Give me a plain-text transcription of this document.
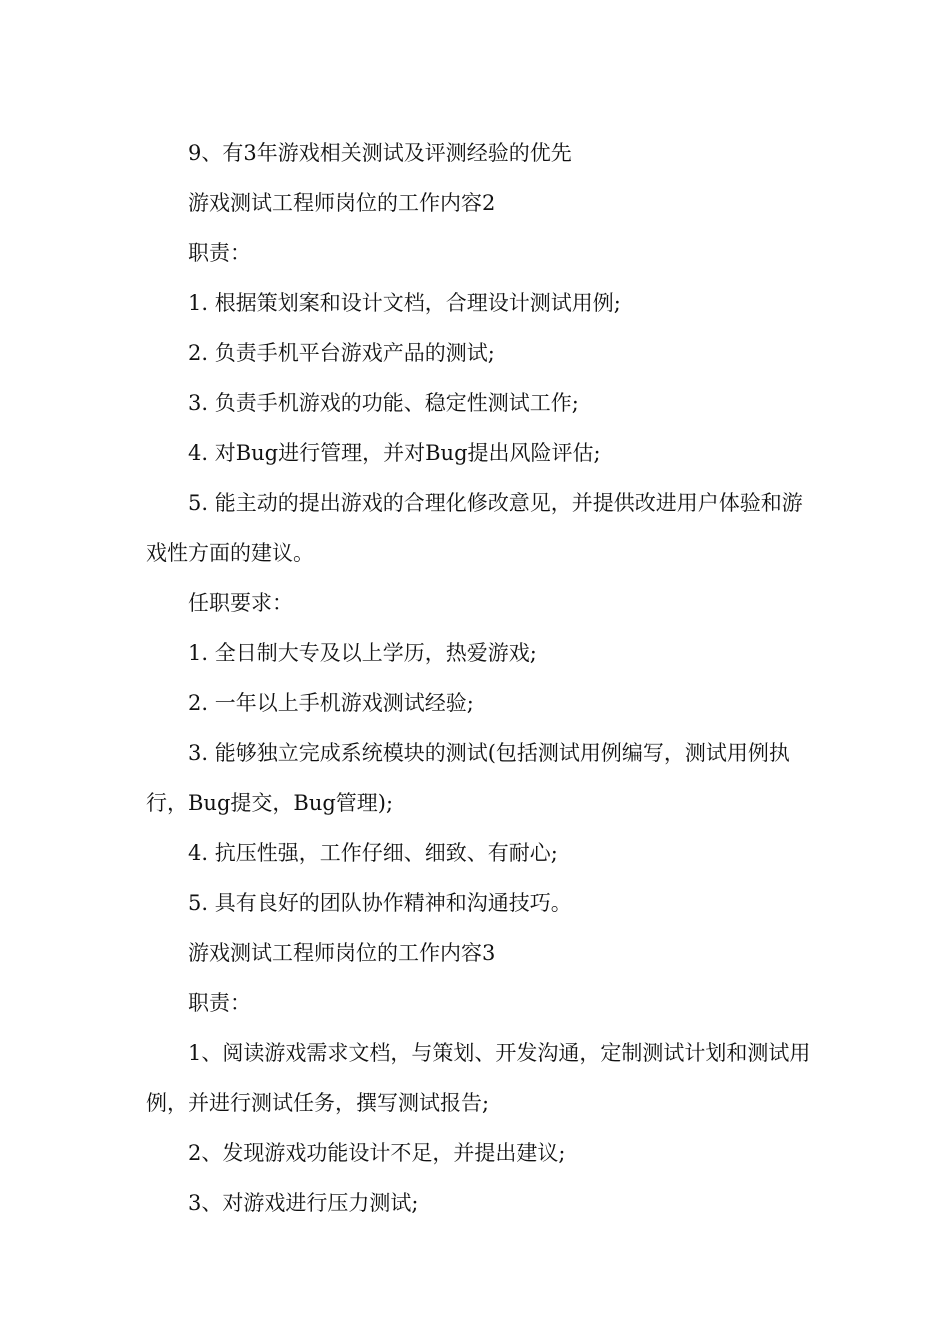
9、有3年游戏相关测试及评测经验的优先

游戏测试工程师岗位的工作内容2

职责：

1. 根据策划案和设计文档，合理设计测试用例;

2. 负责手机平台游戏产品的测试;

3. 负责手机游戏的功能、稳定性测试工作;

4. 对Bug进行管理，并对Bug提出风险评估;

5. 能主动的提出游戏的合理化修改意见，并提供改进用户体验和游戏性方面的建议。

任职要求：

1. 全日制大专及以上学历，热爱游戏;

2. 一年以上手机游戏测试经验;

3. 能够独立完成系统模块的测试(包括测试用例编写，测试用例执行，Bug提交，Bug管理);

4. 抗压性强，工作仔细、细致、有耐心;

5. 具有良好的团队协作精神和沟通技巧。

游戏测试工程师岗位的工作内容3

职责：

1、阅读游戏需求文档，与策划、开发沟通，定制测试计划和测试用例，并进行测试任务，撰写测试报告;

2、发现游戏功能设计不足，并提出建议;

3、对游戏进行压力测试;
